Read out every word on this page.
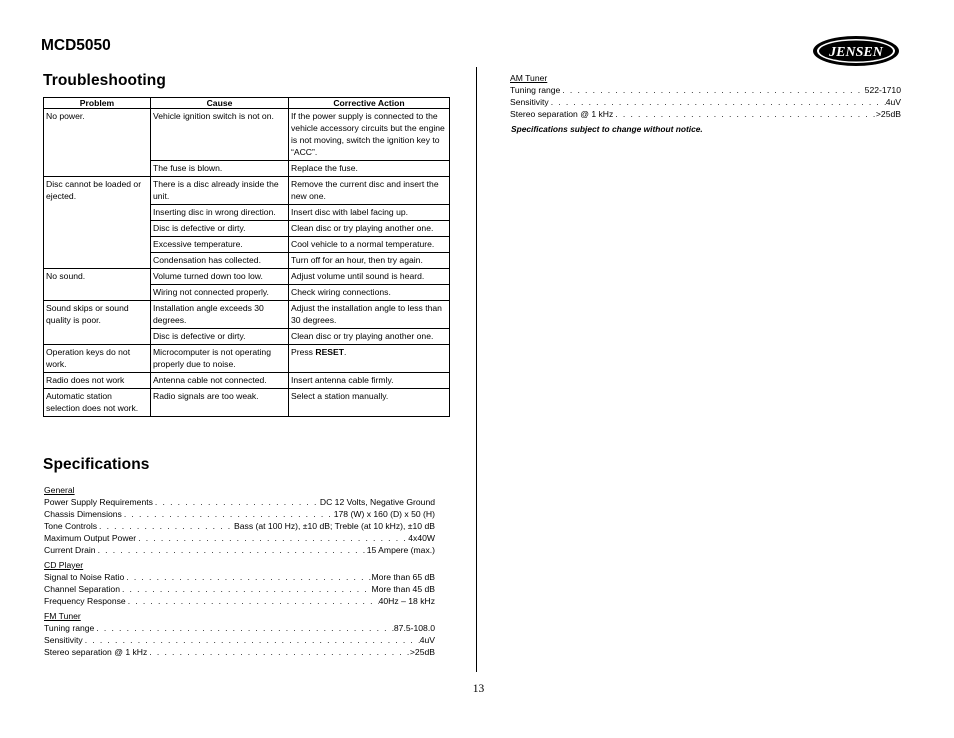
MCD5050	JENSEN
Troubleshooting
Problem	Cause	Corrective Action
No power.	Vehicle ignition switch is not on.	If the power supply is connected to the vehicle accessory circuits but the engine is not moving, switch the ignition key to “ACC”.
	The fuse is blown.	Replace the fuse.
Disc cannot be loaded or ejected.	There is a disc already inside the unit.	Remove the current disc and insert the new one.
	Inserting disc in wrong direction.	Insert disc with label facing up.
	Disc is defective or dirty.	Clean disc or try playing another one.
	Excessive temperature.	Cool vehicle to a normal temperature.
	Condensation has collected.	Turn off for an hour, then try again.
No sound.	Volume turned down too low.	Adjust volume until sound is heard.
	Wiring not connected properly.	Check wiring connections.
Sound skips or sound quality is poor.	Installation angle exceeds 30 degrees.	Adjust the installation angle to less than 30 degrees.
	Disc is defective or dirty.	Clean disc or try playing another one.
Operation keys do not work.	Microcomputer is not operating properly due to noise.	Press RESET.
Radio does not work	Antenna cable not connected.	Insert antenna cable firmly.
Automatic station selection does not work.	Radio signals are too weak.	Select a station manually.
Specifications
General
Power Supply Requirements . . .	DC 12 Volts, Negative Ground
Chassis Dimensions . . .	178 (W) x 160 (D) x 50 (H)
Tone Controls . . .	Bass (at 100 Hz), ±10 dB; Treble (at 10 kHz), ±10 dB
Maximum Output Power . . .	4x40W
Current Drain . . .	15 Ampere (max.)
CD Player
Signal to Noise Ratio . . .	More than 65 dB
Channel Separation . . .	More than 45 dB
Frequency Response . . .	40Hz – 18 kHz
FM Tuner
Tuning range . . .	87.5-108.0
Sensitivity . . .	4uV
Stereo separation @ 1 kHz . . .	>25dB
AM Tuner
Tuning range . . .	522-1710
Sensitivity . . .	4uV
Stereo separation @ 1 kHz . . .	>25dB
Specifications subject to change without notice.
13
